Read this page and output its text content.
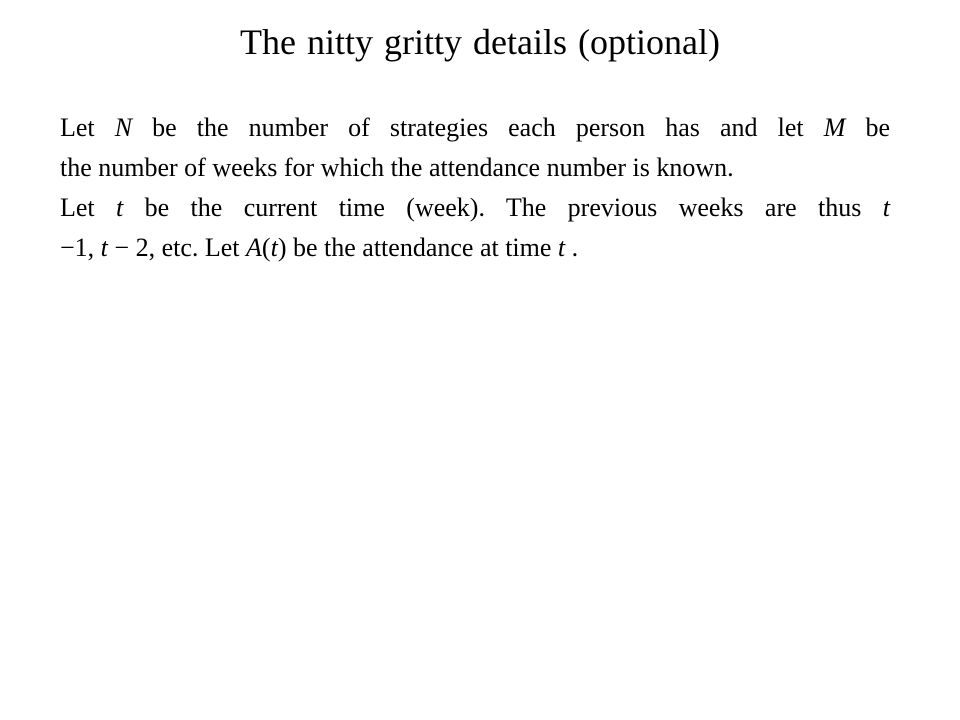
The nitty gritty details (optional)
Let N be the number of strategies each person has and let M be
the number of weeks for which the attendance number is known.
Let t be the current time (week). The previous weeks are thus t
−1, t − 2, etc. Let A(t) be the attendance at time t .
